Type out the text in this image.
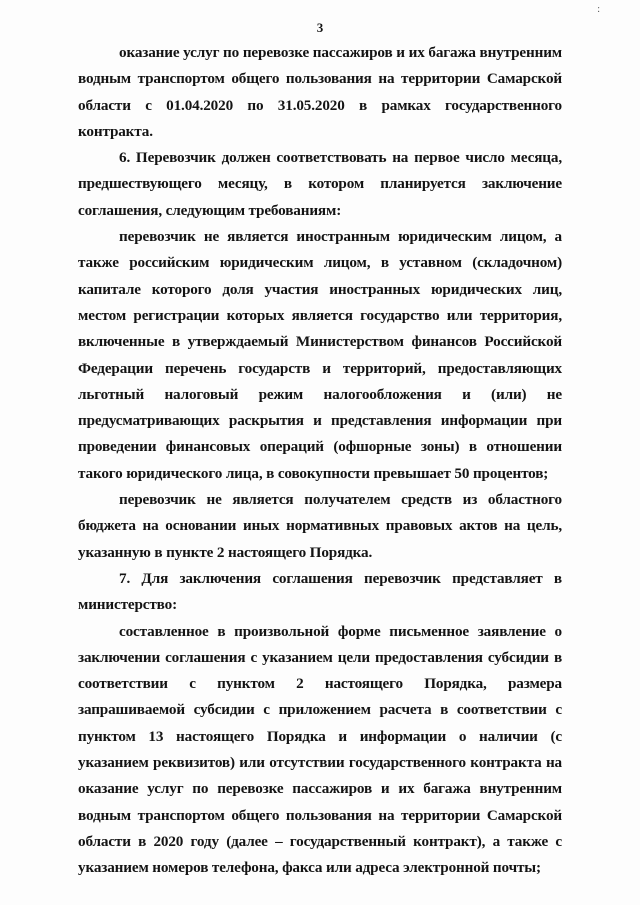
:
3

оказание услуг по перевозке пассажиров и их багажа внутренним водным транспортом общего пользования на территории Самарской области с 01.04.2020 по 31.05.2020 в рамках государственного контракта.

6. Перевозчик должен соответствовать на первое число месяца, предшествующего месяцу, в котором планируется заключение соглашения, следующим требованиям:

перевозчик не является иностранным юридическим лицом, а также российским юридическим лицом, в уставном (складочном) капитале которого доля участия иностранных юридических лиц, местом регистрации которых является государство или территория, включенные в утверждаемый Министерством финансов Российской Федерации перечень государств и территорий, предоставляющих льготный налоговый режим налогообложения и (или) не предусматривающих раскрытия и представления информации при проведении финансовых операций (офшорные зоны) в отношении такого юридического лица, в совокупности превышает 50 процентов;

перевозчик не является получателем средств из областного бюджета на основании иных нормативных правовых актов на цель, указанную в пункте 2 настоящего Порядка.

7. Для заключения соглашения перевозчик представляет в министерство:

составленное в произвольной форме письменное заявление о заключении соглашения с указанием цели предоставления субсидии в соответствии с пунктом 2 настоящего Порядка, размера запрашиваемой субсидии с приложением расчета в соответствии с пунктом 13 настоящего Порядка и информации о наличии (с указанием реквизитов) или отсутствии государственного контракта на оказание услуг по перевозке пассажиров и их багажа внутренним водным транспортом общего пользования на территории Самарской области в 2020 году (далее – государственный контракт), а также с указанием номеров телефона, факса или адреса электронной почты;
